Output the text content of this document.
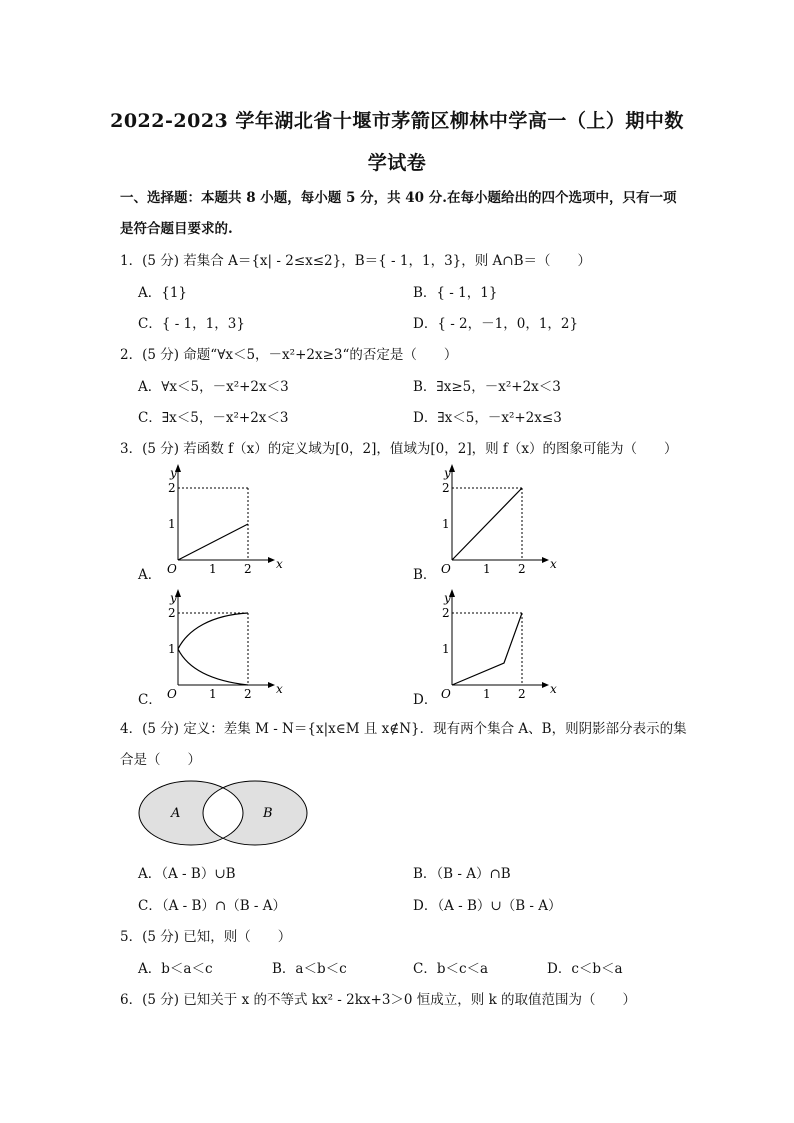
2022-2023 学年湖北省十堰市茅箭区柳林中学高一（上）期中数
学试卷
一、选择题：本题共 8 小题，每小题 5 分，共 40 分.在每小题给出的四个选项中，只有一项
是符合题目要求的.
1．(5 分) 若集合 A＝{x| - 2≤x≤2}，B＝{ - 1，1，3}，则 A∩B＝（　　）
A．{1}	B．{ - 1，1}
C．{ - 1，1，3}	D．{ - 2，－1，0，1，2}
2．(5 分) 命题“∀x＜5，－x²+2x≥3“的否定是（　　）
A．∀x＜5，－x²+2x＜3	B．∃x≥5，－x²+2x＜3
C．∃x＜5，－x²+2x＜3	D．∃x＜5，－x²+2x≤3
3．(5 分) 若函数 f（x）的定义域为[0，2]，值域为[0，2]，则 f（x）的图象可能为（　　）
A．
y
x
O	1 2
1
2
B．
y
x
O	1 2
1
2
C．
y
x
O	1 2
1
2
D．
y
x
O	1 2
1
2
4．(5 分) 定义：差集 M - N＝{x|x∈M 且 x∉N}．现有两个集合 A、B，则阴影部分表示的集
合是（　　）
A	B
A．（A - B）∪B	B．（B - A）∩B
C．（A - B）∩（B - A）	D．（A - B）∪（B - A）
5．(5 分) 已知，则（　　）
A．b＜a＜c	B．a＜b＜c	C．b＜c＜a	D．c＜b＜a
6．(5 分) 已知关于 x 的不等式 kx² - 2kx+3＞0 恒成立，则 k 的取值范围为（　　）
